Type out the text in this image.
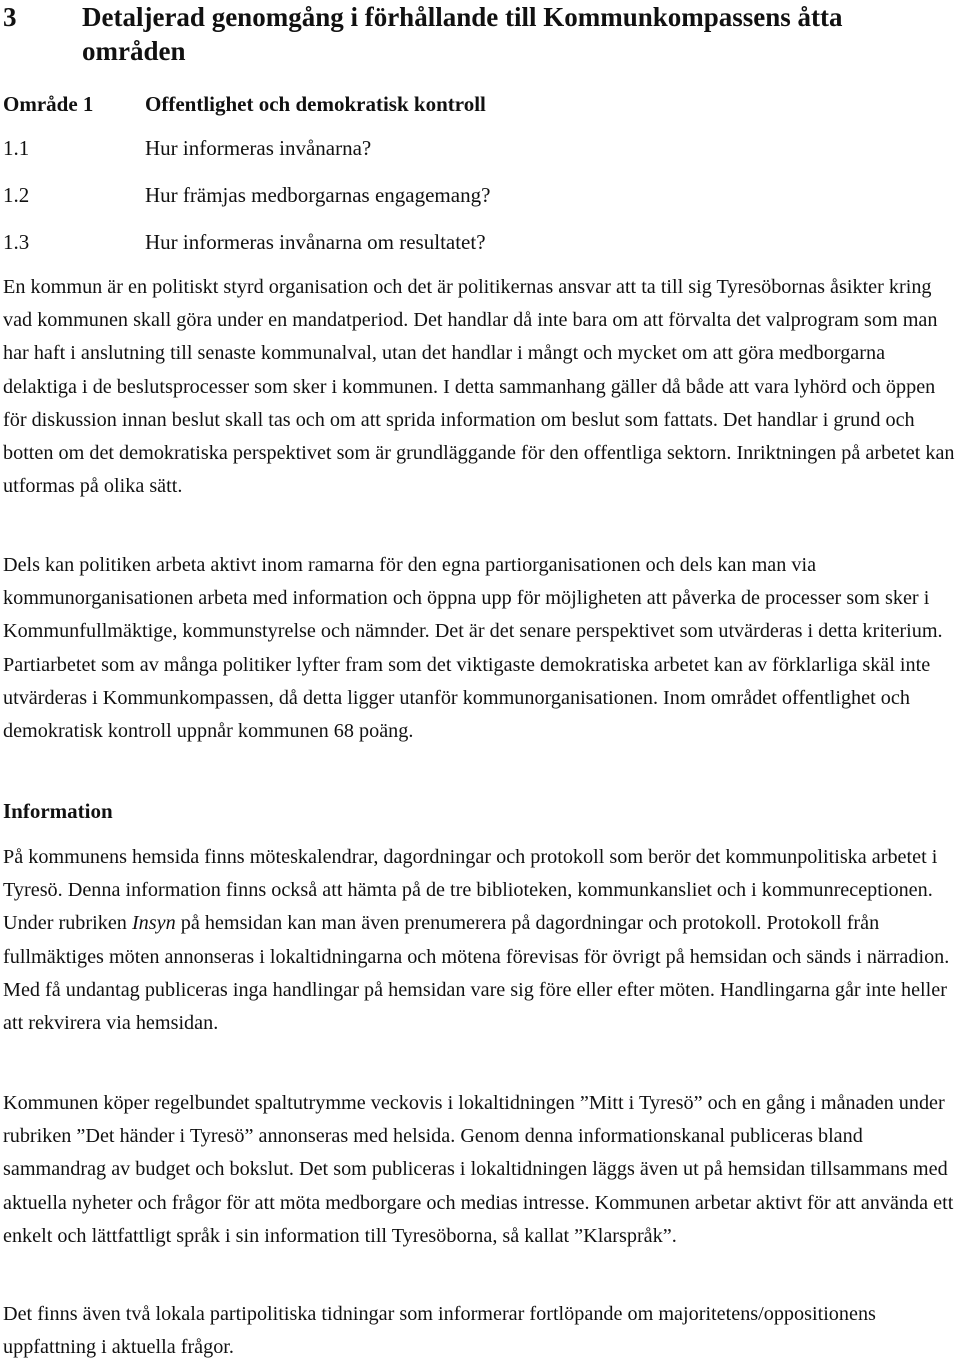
3 Detaljerad genomgång i förhållande till Kommunkompassens åtta områden
Område 1 Offentlighet och demokratisk kontroll
1.1	Hur informeras invånarna?
1.2	Hur främjas medborgarnas engagemang?
1.3	Hur informeras invånarna om resultatet?

En kommun är en politiskt styrd organisation och det är politikernas ansvar att ta till sig Tyresöbornas åsikter kring vad kommunen skall göra under en mandatperiod. Det handlar då inte bara om att förvalta det valprogram som man har haft i anslutning till senaste kommunalval, utan det handlar i mångt och mycket om att göra medborgarna delaktiga i de beslutsprocesser som sker i kommunen. I detta sammanhang gäller då både att vara lyhörd och öppen för diskussion innan beslut skall tas och om att sprida information om beslut som fattats. Det handlar i grund och botten om det demokratiska perspektivet som är grundläggande för den offentliga sektorn. Inriktningen på arbetet kan utformas på olika sätt.

Dels kan politiken arbeta aktivt inom ramarna för den egna partiorganisationen och dels kan man via kommunorganisationen arbeta med information och öppna upp för möjligheten att påverka de processer som sker i Kommunfullmäktige, kommunstyrelse och nämnder. Det är det senare perspektivet som utvärderas i detta kriterium. Partiarbetet som av många politiker lyfter fram som det viktigaste demokratiska arbetet kan av förklarliga skäl inte utvärderas i Kommunkompassen, då detta ligger utanför kommunorganisationen. Inom området offentlighet och demokratisk kontroll uppnår kommunen 68 poäng.

Information

På kommunens hemsida finns möteskalendrar, dagordningar och protokoll som berör det kommunpolitiska arbetet i Tyresö. Denna information finns också att hämta på de tre biblioteken, kommunkansliet och i kommunreceptionen. Under rubriken Insyn på hemsidan kan man även prenumerera på dagordningar och protokoll. Protokoll från fullmäktiges möten annonseras i lokaltidningarna och mötena förevisas för övrigt på hemsidan och sänds i närradion. Med få undantag publiceras inga handlingar på hemsidan vare sig före eller efter möten. Handlingarna går inte heller att rekvirera via hemsidan.

Kommunen köper regelbundet spaltutrymme veckovis i lokaltidningen ”Mitt i Tyresö” och en gång i månaden under rubriken ”Det händer i Tyresö” annonseras med helsida. Genom denna informationskanal publiceras bland sammandrag av budget och bokslut. Det som publiceras i lokaltidningen läggs även ut på hemsidan tillsammans med aktuella nyheter och frågor för att möta medborgare och medias intresse. Kommunen arbetar aktivt för att använda ett enkelt och lättfattligt språk i sin information till Tyresöborna, så kallat ”Klarspråk”.

Det finns även två lokala partipolitiska tidningar som informerar fortlöpande om majoritetens/oppositionens uppfattning i aktuella frågor.
